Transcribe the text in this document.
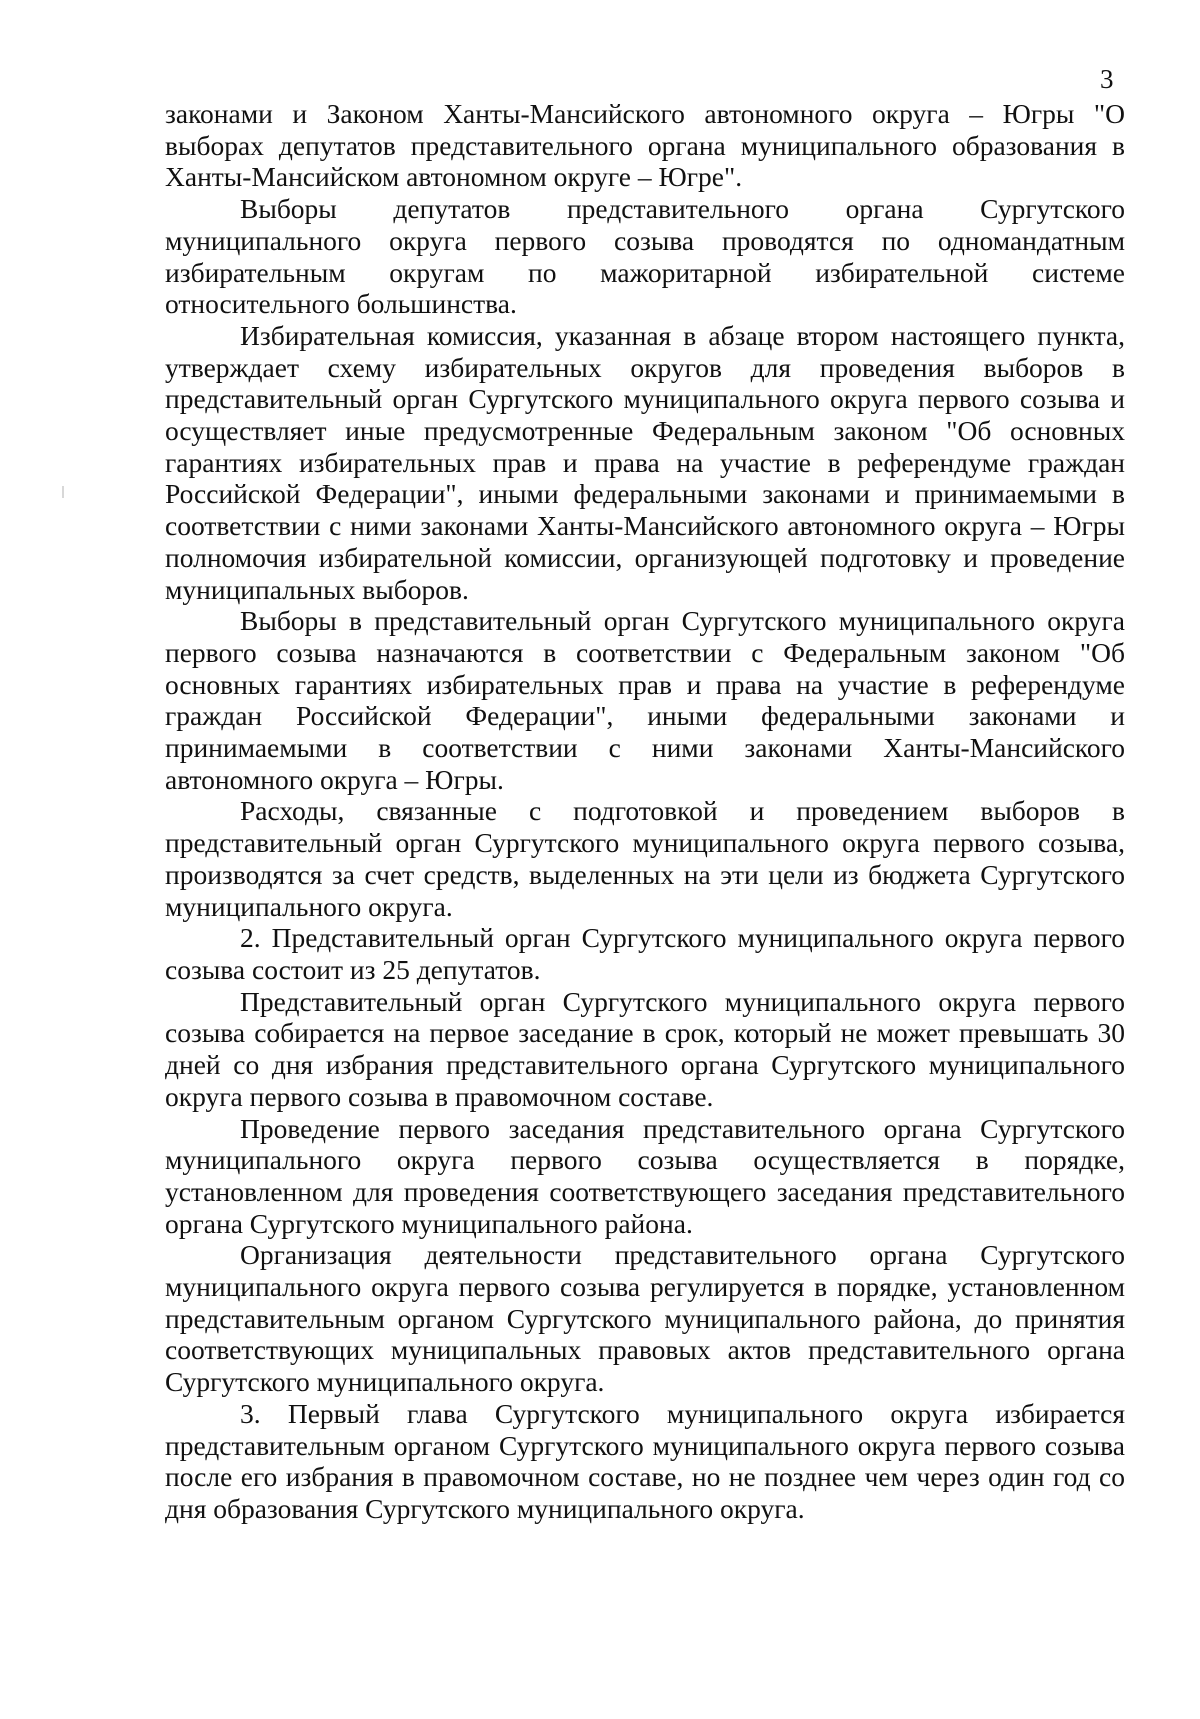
3

законами и Законом Ханты-Мансийского автономного округа – Югры "О выборах депутатов представительного органа муниципального образования в Ханты-Мансийском автономном округе – Югре".

Выборы депутатов представительного органа Сургутского муниципального округа первого созыва проводятся по одномандатным избирательным округам по мажоритарной избирательной системе относительного большинства.

Избирательная комиссия, указанная в абзаце втором настоящего пункта, утверждает схему избирательных округов для проведения выборов в представительный орган Сургутского муниципального округа первого созыва и осуществляет иные предусмотренные Федеральным законом "Об основных гарантиях избирательных прав и права на участие в референдуме граждан Российской Федерации", иными федеральными законами и принимаемыми в соответствии с ними законами Ханты-Мансийского автономного округа – Югры полномочия избирательной комиссии, организующей подготовку и проведение муниципальных выборов.

Выборы в представительный орган Сургутского муниципального округа первого созыва назначаются в соответствии с Федеральным законом "Об основных гарантиях избирательных прав и права на участие в референдуме граждан Российской Федерации", иными федеральными законами и принимаемыми в соответствии с ними законами Ханты-Мансийского автономного округа – Югры.

Расходы, связанные с подготовкой и проведением выборов в представительный орган Сургутского муниципального округа первого созыва, производятся за счет средств, выделенных на эти цели из бюджета Сургутского муниципального округа.

2. Представительный орган Сургутского муниципального округа первого созыва состоит из 25 депутатов.

Представительный орган Сургутского муниципального округа первого созыва собирается на первое заседание в срок, который не может превышать 30 дней со дня избрания представительного органа Сургутского муниципального округа первого созыва в правомочном составе.

Проведение первого заседания представительного органа Сургутского муниципального округа первого созыва осуществляется в порядке, установленном для проведения соответствующего заседания представительного органа Сургутского муниципального района.

Организация деятельности представительного органа Сургутского муниципального округа первого созыва регулируется в порядке, установленном представительным органом Сургутского муниципального района, до принятия соответствующих муниципальных правовых актов представительного органа Сургутского муниципального округа.

3. Первый глава Сургутского муниципального округа избирается представительным органом Сургутского муниципального округа первого созыва после его избрания в правомочном составе, но не позднее чем через один год со дня образования Сургутского муниципального округа.
